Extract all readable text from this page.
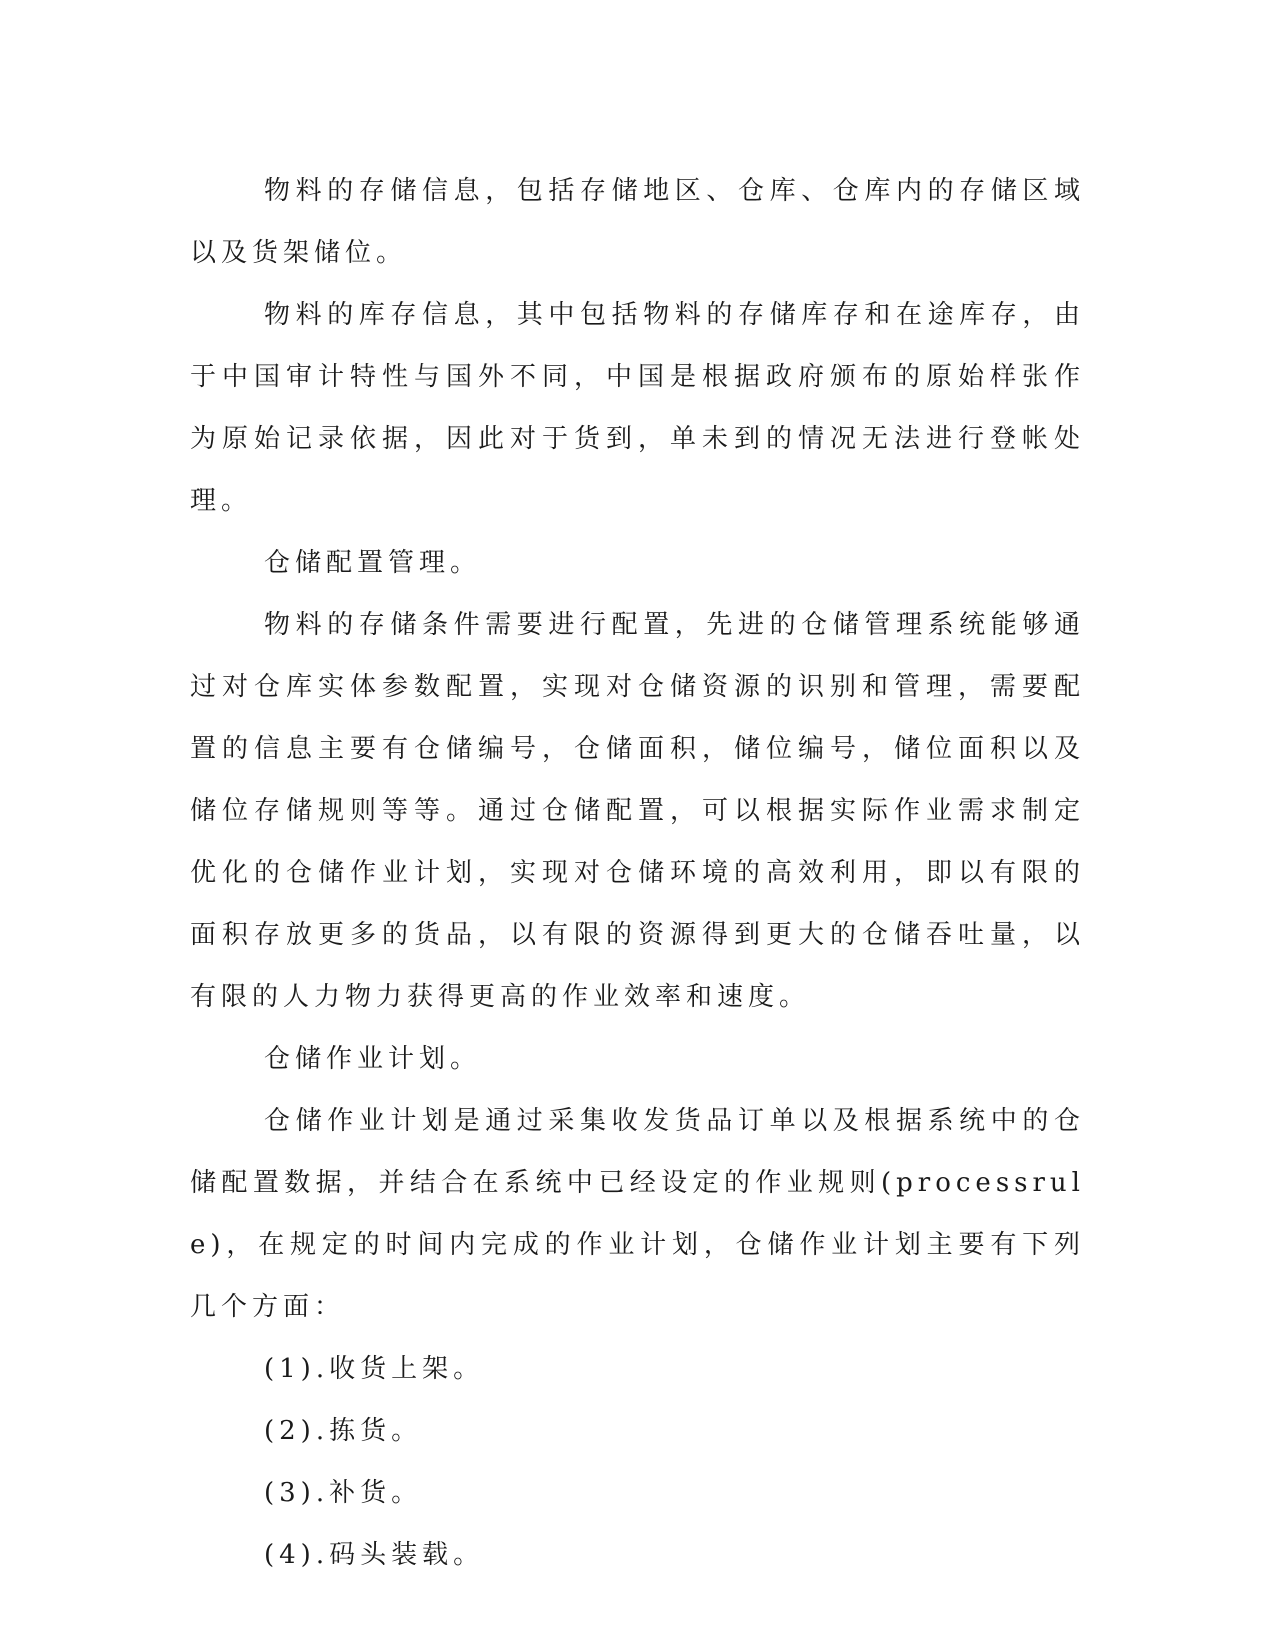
物料的存储信息，包括存储地区、仓库、仓库内的存储区域以及货架储位。

物料的库存信息，其中包括物料的存储库存和在途库存，由于中国审计特性与国外不同，中国是根据政府颁布的原始样张作为原始记录依据，因此对于货到，单未到的情况无法进行登帐处理。

仓储配置管理。

物料的存储条件需要进行配置，先进的仓储管理系统能够通过对仓库实体参数配置，实现对仓储资源的识别和管理，需要配置的信息主要有仓储编号，仓储面积，储位编号，储位面积以及储位存储规则等等。通过仓储配置，可以根据实际作业需求制定优化的仓储作业计划，实现对仓储环境的高效利用，即以有限的面积存放更多的货品，以有限的资源得到更大的仓储吞吐量，以有限的人力物力获得更高的作业效率和速度。

仓储作业计划。

仓储作业计划是通过采集收发货品订单以及根据系统中的仓储配置数据，并结合在系统中已经设定的作业规则(processrule)，在规定的时间内完成的作业计划，仓储作业计划主要有下列几个方面：

(1).收货上架。

(2).拣货。

(3).补货。

(4).码头装载。
